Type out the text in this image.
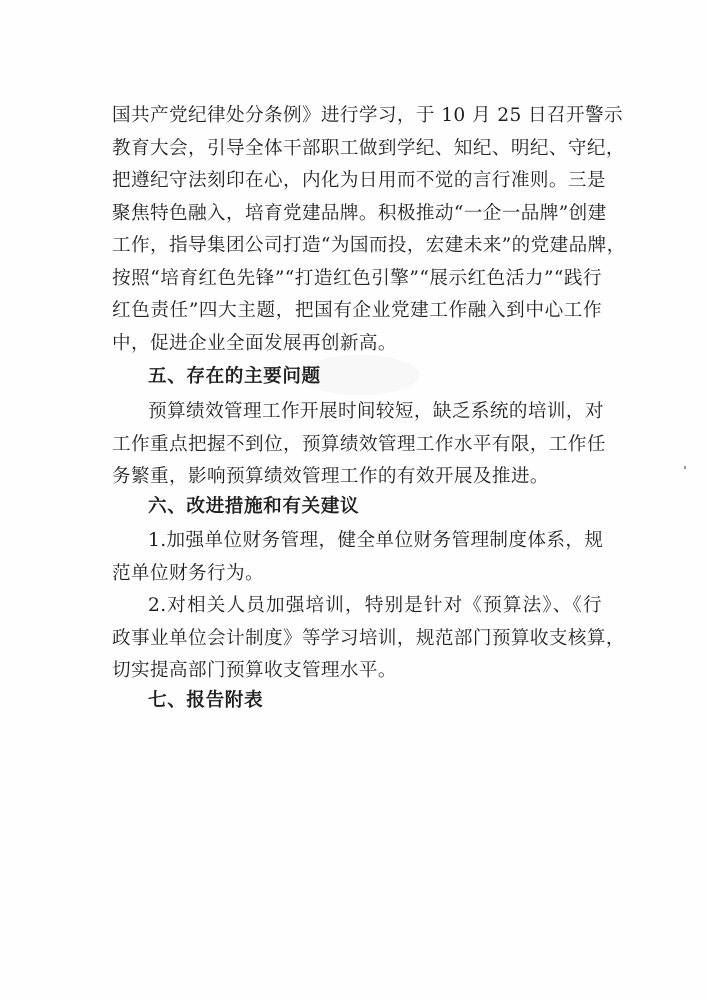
国共产党纪律处分条例》进行学习，于 10 月 25 日召开警示
教育大会，引导全体干部职工做到学纪、知纪、明纪、守纪，
把遵纪守法刻印在心，内化为日用而不觉的言行准则。三是
聚焦特色融入，培育党建品牌。积极推动“一企一品牌”创建
工作，指导集团公司打造“为国而投，宏建未来”的党建品牌，
按照“培育红色先锋”“打造红色引擎”“展示红色活力”“践行
红色责任”四大主题，把国有企业党建工作融入到中心工作
中，促进企业全面发展再创新高。
五、存在的主要问题
预算绩效管理工作开展时间较短，缺乏系统的培训，对
工作重点把握不到位，预算绩效管理工作水平有限，工作任
务繁重，影响预算绩效管理工作的有效开展及推进。
六、改进措施和有关建议
1.加强单位财务管理，健全单位财务管理制度体系，规
范单位财务行为。
2.对相关人员加强培训，特别是针对《预算法》、《行
政事业单位会计制度》等学习培训，规范部门预算收支核算，
切实提高部门预算收支管理水平。
七、报告附表
